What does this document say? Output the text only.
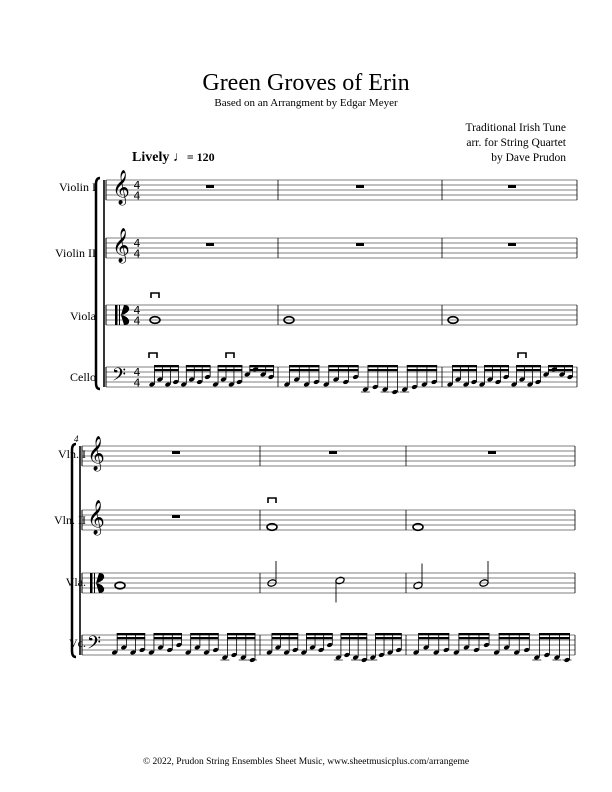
Green Groves of Erin
Based on an Arrangment by Edgar Meyer
Traditional Irish Tune
arr. for String Quartet
by Dave Prudon
Lively ♩= 120
Violin I
Violin II
Viola
Cello
Vln. I
Vln. II
Vla.
Vc.
𝄞
𝄞
𝄢
4
4
4
4
4
4
4
4
𝄞
𝄞
𝄢
4
© 2022, Prudon String Ensembles Sheet Music, www.sheetmusicplus.com/arrangeme
